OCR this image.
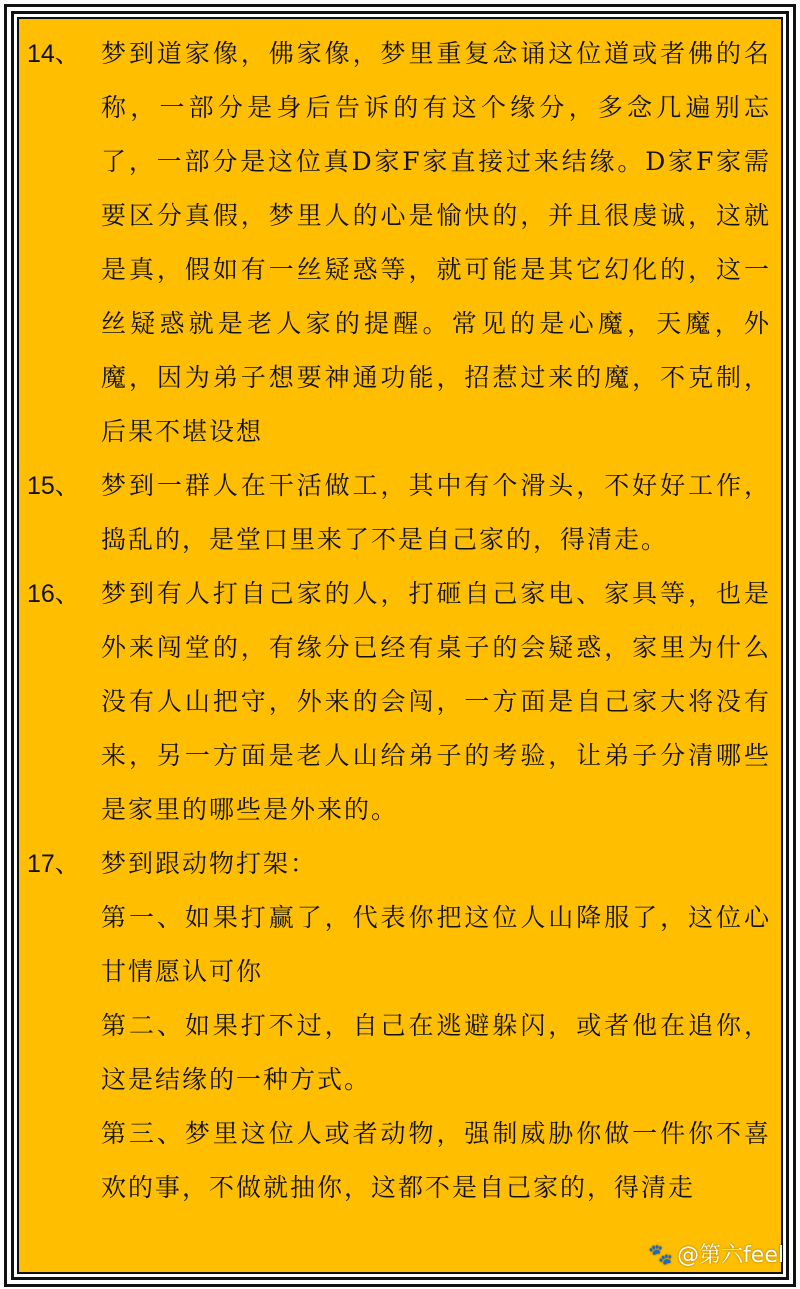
14、 梦到道家像，佛家像，梦里重复念诵这位道或者佛的名称，一部分是身后告诉的有这个缘分，多念几遍别忘了，一部分是这位真D家F家直接过来结缘。D家F家需要区分真假，梦里人的心是愉快的，并且很虔诚，这就是真，假如有一丝疑惑等，就可能是其它幻化的，这一丝疑惑就是老人家的提醒。常见的是心魔，天魔，外魔，因为弟子想要神通功能，招惹过来的魔，不克制，后果不堪设想
15、 梦到一群人在干活做工，其中有个滑头，不好好工作，捣乱的，是堂口里来了不是自己家的，得清走。
16、 梦到有人打自己家的人，打砸自己家电、家具等，也是外来闯堂的，有缘分已经有桌子的会疑惑，家里为什么没有人山把守，外来的会闯，一方面是自己家大将没有来，另一方面是老人山给弟子的考验，让弟子分清哪些是家里的哪些是外来的。
17、 梦到跟动物打架：
第一、如果打赢了，代表你把这位人山降服了，这位心甘情愿认可你
第二、如果打不过，自己在逃避躲闪，或者他在追你，这是结缘的一种方式。
第三、梦里这位人或者动物，强制威胁你做一件你不喜欢的事，不做就抽你，这都不是自己家的，得清走
🐾 @第六feel
